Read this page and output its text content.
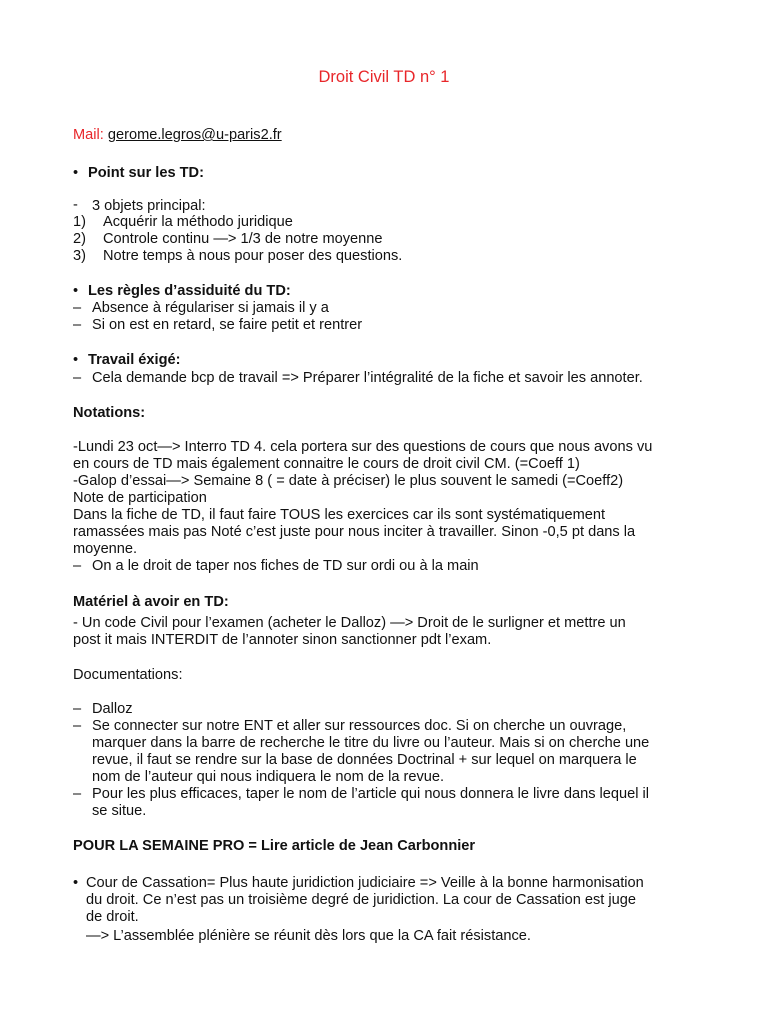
Droit Civil TD n° 1
Mail: gerome.legros@u-paris2.fr
• Point sur les TD:
- 3 objets principal:
1) Acquérir la méthodo juridique
2) Controle continu —> 1/3 de notre moyenne
3) Notre temps à nous pour poser des questions.
• Les règles d’assiduité du TD:
– Absence à régulariser si jamais il y a
– Si on est en retard, se faire petit et rentrer
• Travail éxigé:
– Cela demande bcp de travail => Préparer l’intégralité de la fiche et savoir les annoter.
Notations:
-Lundi 23 oct—> Interro TD 4. cela portera sur des questions de cours que nous avons vu
en cours de TD mais également connaitre le cours de droit civil CM. (=Coeff 1)
-Galop d’essai—> Semaine 8 ( = date à préciser) le plus souvent le samedi (=Coeff2)
Note de participation
Dans la fiche de TD, il faut faire TOUS les exercices car ils sont systématiquement
ramassées mais pas Noté c’est juste pour nous inciter à travailler. Sinon -0,5 pt dans la
moyenne.
– On a le droit de taper nos fiches de TD sur ordi ou à la main
Matériel à avoir en TD:
- Un code Civil pour l’examen (acheter le Dalloz) —> Droit de le surligner et mettre un
post it mais INTERDIT de l’annoter sinon sanctionner pdt l’exam.
Documentations:
– Dalloz
– Se connecter sur notre ENT et aller sur ressources doc. Si on cherche un ouvrage,
marquer dans la barre de recherche le titre du livre ou l’auteur. Mais si on cherche une
revue, il faut se rendre sur la base de données Doctrinal + sur lequel on marquera le
nom de l’auteur qui nous indiquera le nom de la revue.
– Pour les plus efficaces, taper le nom de l’article qui nous donnera le livre dans lequel il
se situe.
POUR LA SEMAINE PRO = Lire article de Jean Carbonnier
• Cour de Cassation= Plus haute juridiction judiciaire => Veille à la bonne harmonisation
du droit. Ce n’est pas un troisième degré de juridiction. La cour de Cassation est juge
de droit.
—> L’assemblée plénière se réunit dès lors que la CA fait résistance.
